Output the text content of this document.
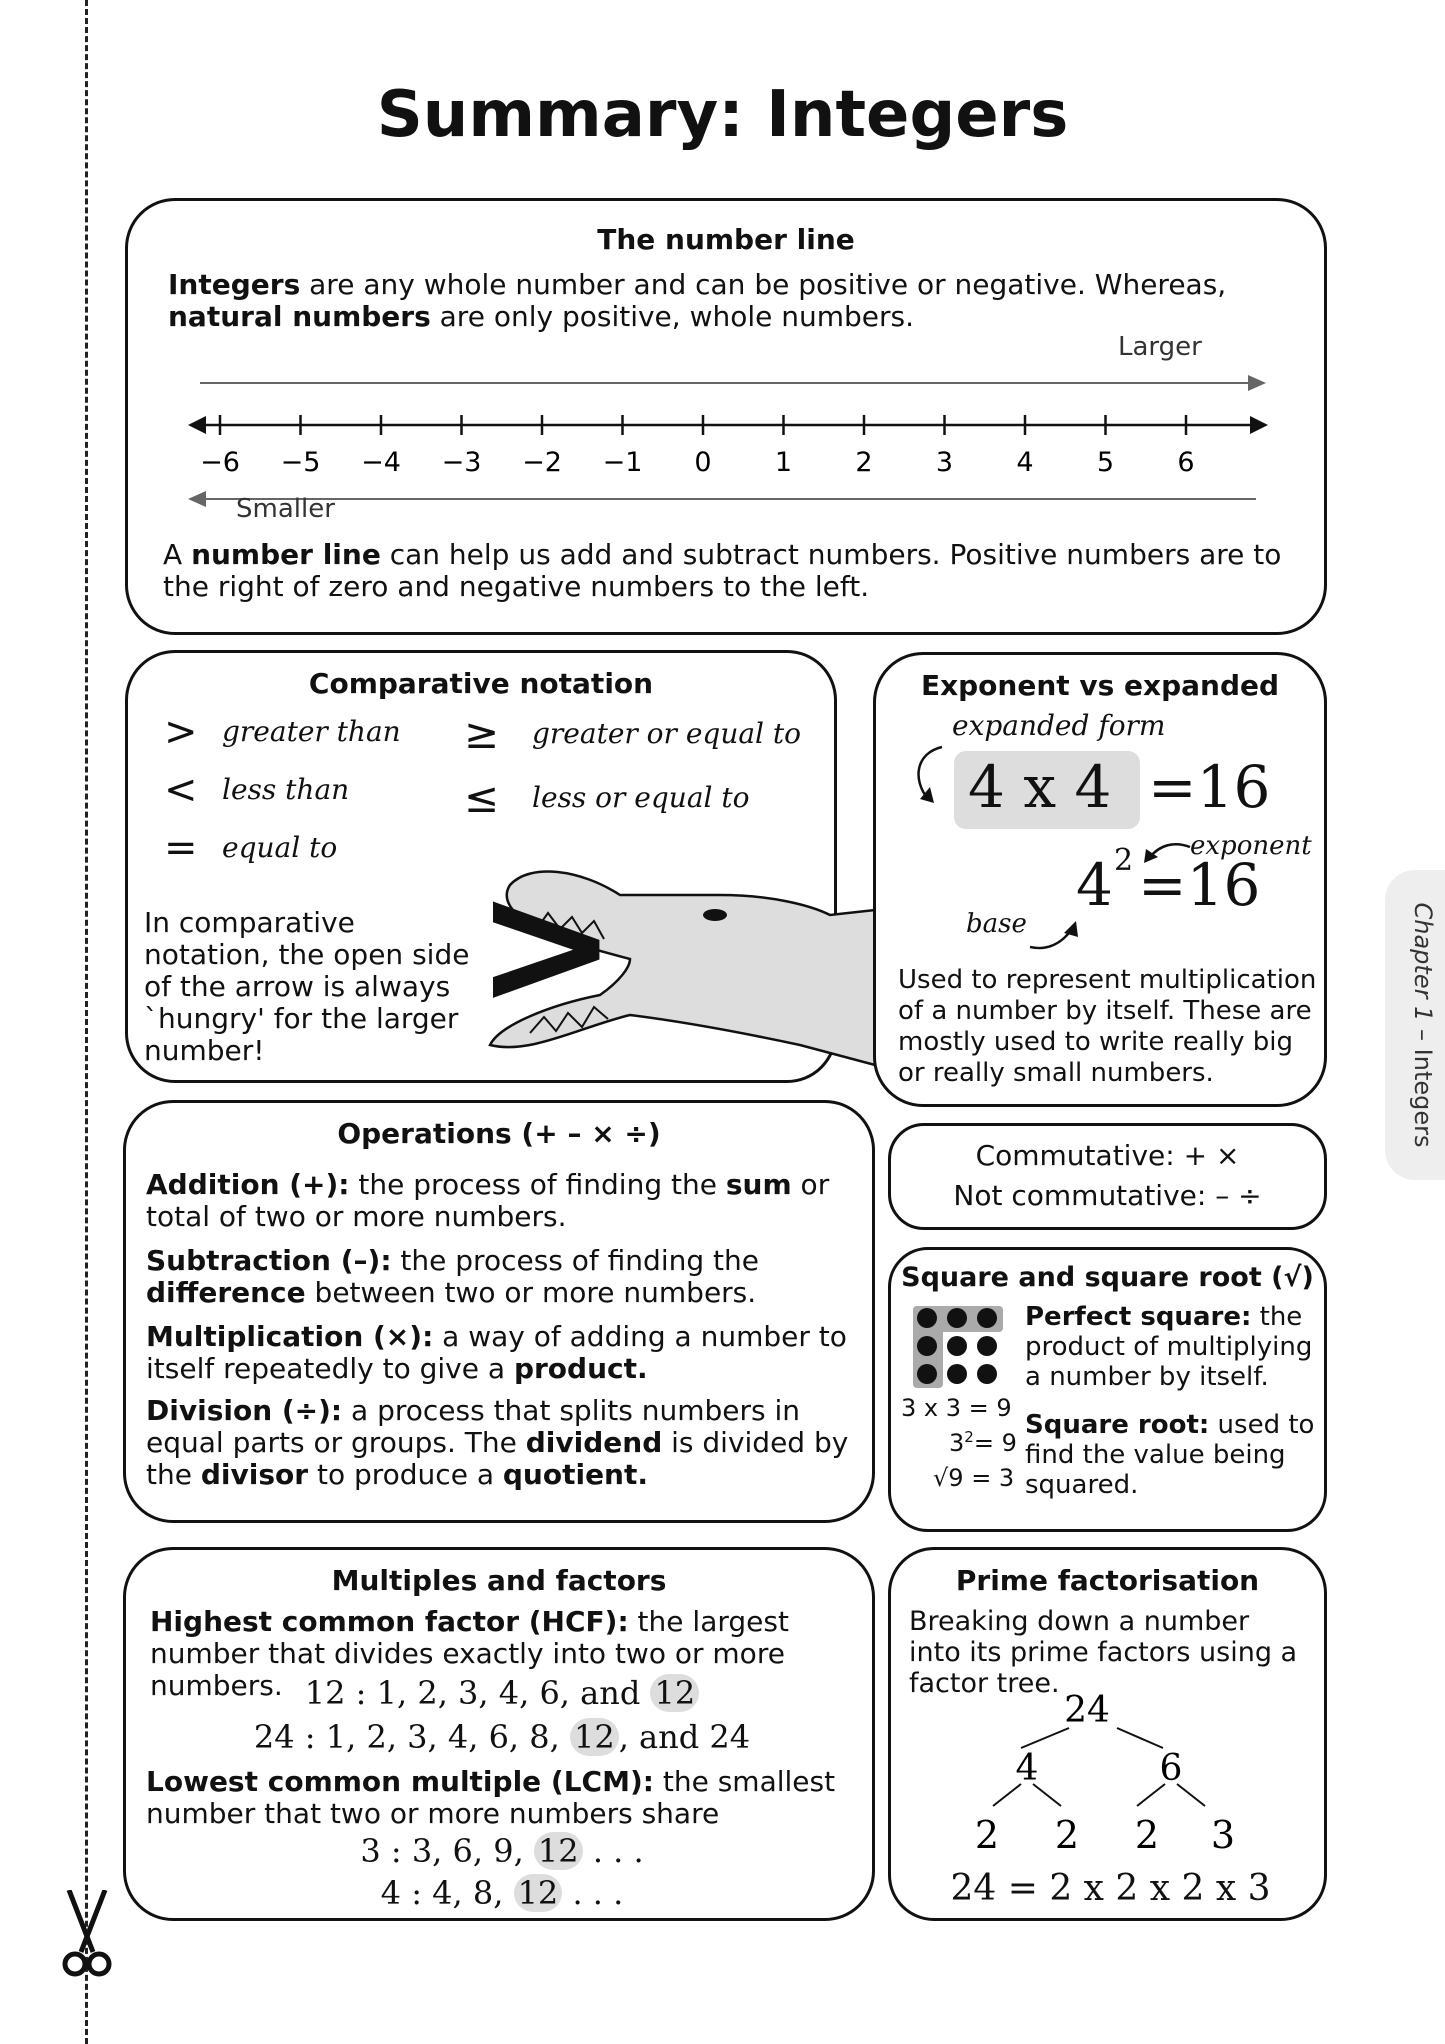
Summary: Integers
Chapter 1 – Integers
The number line
Integers are any whole number and can be positive or negative. Whereas, natural numbers are only positive, whole numbers.
Larger
−6 −5 −4 −3 −2 −1 0 1 2 3 4 5 6
Smaller
A number line can help us add and subtract numbers. Positive numbers are to the right of zero and negative numbers to the left.
Comparative notation
> greater than
< less than
= equal to
≥ greater or equal to
≤ less or equal to
In comparative notation, the open side of the arrow is always `hungry' for the larger number!
>
Exponent vs expanded
expanded form
4 x 4 =16
exponent
4 2 =16
base
Used to represent multiplication of a number by itself. These are mostly used to write really big or really small numbers.
Operations (+ – × ÷)
Addition (+): the process of finding the sum or total of two or more numbers.
Subtraction (–): the process of finding the difference between two or more numbers.
Multiplication (×): a way of adding a number to itself repeatedly to give a product.
Division (÷): a process that splits numbers in equal parts or groups. The dividend is divided by the divisor to produce a quotient.
Commutative: + ×
Not commutative: – ÷
Square and square root (√)
3 x 3 = 9
$3^2= 9$
√9 = 3
Perfect square: the product of multiplying a number by itself.
Square root: used to find the value being squared.
Multiples and factors
Highest common factor (HCF): the largest number that divides exactly into two or more numbers. 12 : 1, 2, 3, 4, 6, and 12
24 : 1, 2, 3, 4, 6, 8, 12 , and 24
Lowest common multiple (LCM): the smallest number that two or more numbers share
3 : 3, 6, 9, 12 . . .
4 : 4, 8, 12 . . .
Prime factorisation
Breaking down a number into its prime factors using a factor tree.
24
4	6
2 2 2 3
24 = 2 x 2 x 2 x 3
